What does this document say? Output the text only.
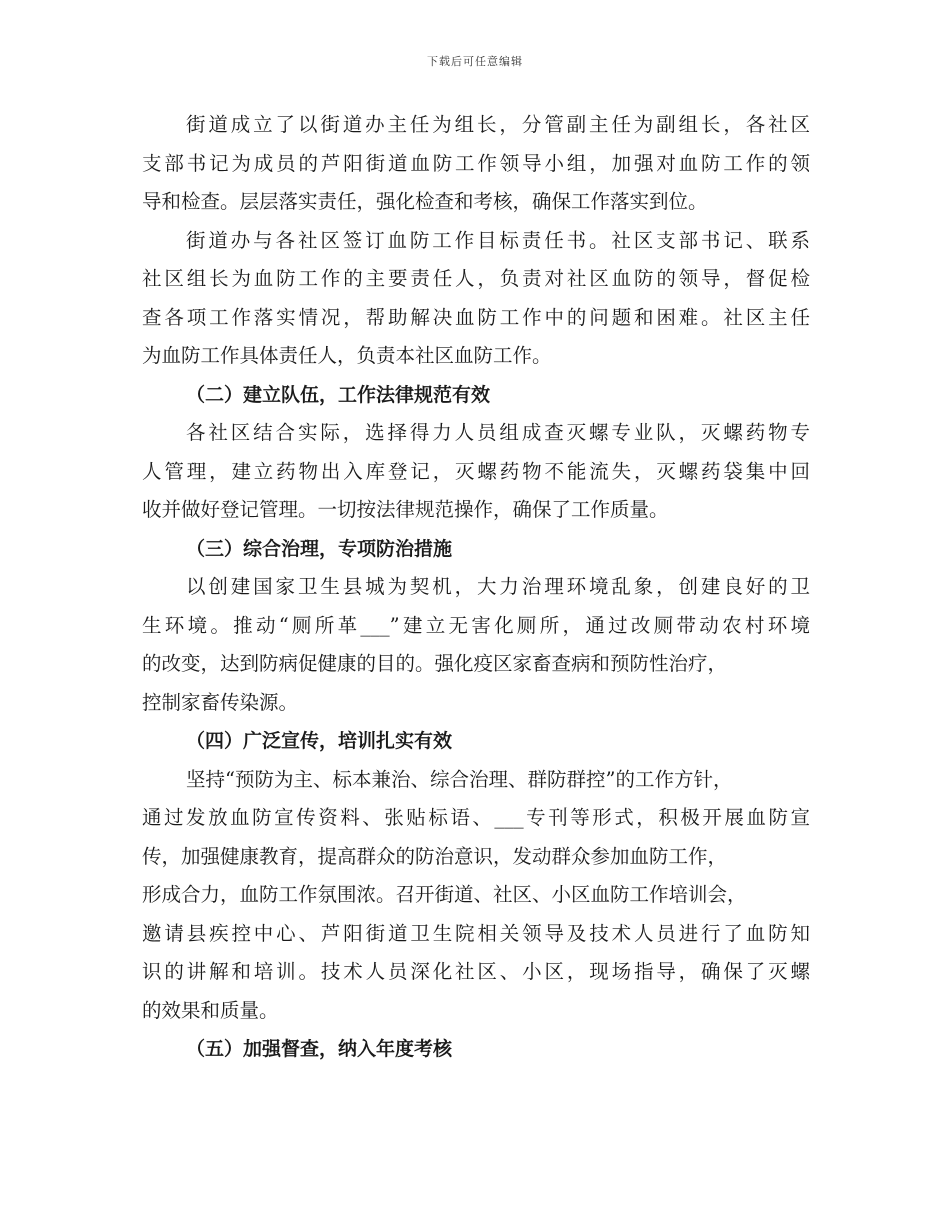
下载后可任意编辑
街道成立了以街道办主任为组长，分管副主任为副组长，各社区
支部书记为成员的芦阳街道血防工作领导小组，加强对血防工作的领
导和检查。层层落实责任，强化检查和考核，确保工作落实到位。
街道办与各社区签订血防工作目标责任书。社区支部书记、联系
社区组长为血防工作的主要责任人，负责对社区血防的领导，督促检
查各项工作落实情况，帮助解决血防工作中的问题和困难。社区主任
为血防工作具体责任人，负责本社区血防工作。
（二）建立队伍，工作法律规范有效
各社区结合实际，选择得力人员组成查灭螺专业队，灭螺药物专
人管理，建立药物出入库登记，灭螺药物不能流失，灭螺药袋集中回
收并做好登记管理。一切按法律规范操作，确保了工作质量。
（三）综合治理，专项防治措施
以创建国家卫生县城为契机，大力治理环境乱象，创建良好的卫
生环境。推动“厕所革___”建立无害化厕所，通过改厕带动农村环境
的改变，达到防病促健康的目的。强化疫区家畜查病和预防性治疗，
控制家畜传染源。
（四）广泛宣传，培训扎实有效
坚持“预防为主、标本兼治、综合治理、群防群控”的工作方针，
通过发放血防宣传资料、张贴标语、___专刊等形式，积极开展血防宣
传，加强健康教育，提高群众的防治意识，发动群众参加血防工作，
形成合力，血防工作氛围浓。召开街道、社区、小区血防工作培训会，
邀请县疾控中心、芦阳街道卫生院相关领导及技术人员进行了血防知
识的讲解和培训。技术人员深化社区、小区，现场指导，确保了灭螺
的效果和质量。
（五）加强督查，纳入年度考核
